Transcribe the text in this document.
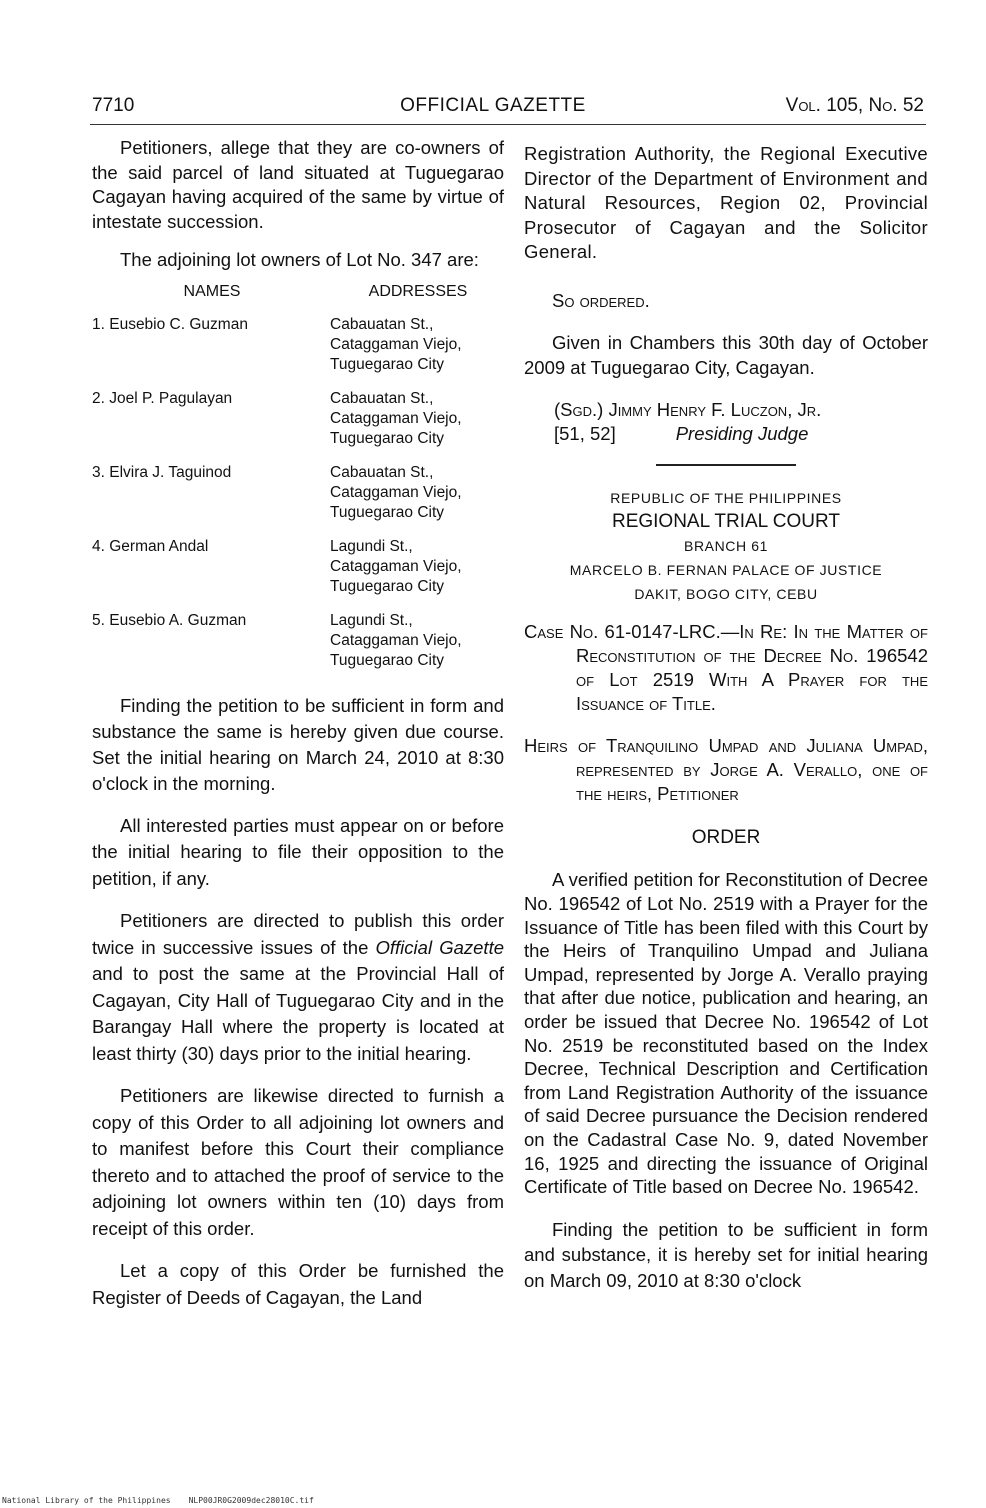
7710	OFFICIAL GAZETTE	Vol. 105, No. 52

Petitioners, allege that they are co-owners of the said parcel of land situated at Tuguegarao Cagayan having acquired of the same by virtue of intestate succession.

The adjoining lot owners of Lot No. 347 are:

NAMES	ADDRESSES
1. Eusebio C. Guzman	Cabauatan St.,
Cataggaman Viejo,
Tuguegarao City
2. Joel P. Pagulayan	Cabauatan St.,
Cataggaman Viejo,
Tuguegarao City
3. Elvira J. Taguinod	Cabauatan St.,
Cataggaman Viejo,
Tuguegarao City
4. German Andal	Lagundi St.,
Cataggaman Viejo,
Tuguegarao City
5. Eusebio A. Guzman	Lagundi St.,
Cataggaman Viejo,
Tuguegarao City

Finding the petition to be sufficient in form and substance the same is hereby given due course. Set the initial hearing on March 24, 2010 at 8:30 o'clock in the morning.

All interested parties must appear on or before the initial hearing to file their opposition to the petition, if any.

Petitioners are directed to publish this order twice in successive issues of the Official Gazette and to post the same at the Provincial Hall of Cagayan, City Hall of Tuguegarao City and in the Barangay Hall where the property is located at least thirty (30) days prior to the initial hearing.

Petitioners are likewise directed to furnish a copy of this Order to all adjoining lot owners and to manifest before this Court their compliance thereto and to attached the proof of service to the adjoining lot owners within ten (10) days from receipt of this order.

Let a copy of this Order be furnished the Register of Deeds of Cagayan, the Land

Registration Authority, the Regional Executive Director of the Department of Environment and Natural Resources, Region 02, Provincial Prosecutor of Cagayan and the Solicitor General.

So ordered.

Given in Chambers this 30th day of October 2009 at Tuguegarao City, Cagayan.

(Sgd.) Jimmy Henry F. Luczon, Jr.
[51, 52]	Presiding Judge
REPUBLIC OF THE PHILIPPINES
REGIONAL TRIAL COURT
BRANCH 61
MARCELO B. FERNAN PALACE OF JUSTICE
DAKIT, BOGO CITY, CEBU

Case No. 61-0147-LRC.—In Re: In the Matter of Reconstitution of the Decree No. 196542 of Lot 2519 With A Prayer for the Issuance of Title.

Heirs of Tranquilino Umpad and Juliana Umpad, represented by Jorge A. Verallo, one of the heirs, Petitioner

ORDER

A verified petition for Reconstitution of Decree No. 196542 of Lot No. 2519 with a Prayer for the Issuance of Title has been filed with this Court by the Heirs of Tranquilino Umpad and Juliana Umpad, represented by Jorge A. Verallo praying that after due notice, publication and hearing, an order be issued that Decree No. 196542 of Lot No. 2519 be reconstituted based on the Index Decree, Technical Description and Certification from Land Registration Authority of the issuance of said Decree pursuance the Decision rendered on the Cadastral Case No. 9, dated November 16, 1925 and directing the issuance of Original Certificate of Title based on Decree No. 196542.

Finding the petition to be sufficient in form and substance, it is hereby set for initial hearing on March 09, 2010 at 8:30 o'clock

National Library of the Philippines NLP00JR0G2009dec28010C.tif
